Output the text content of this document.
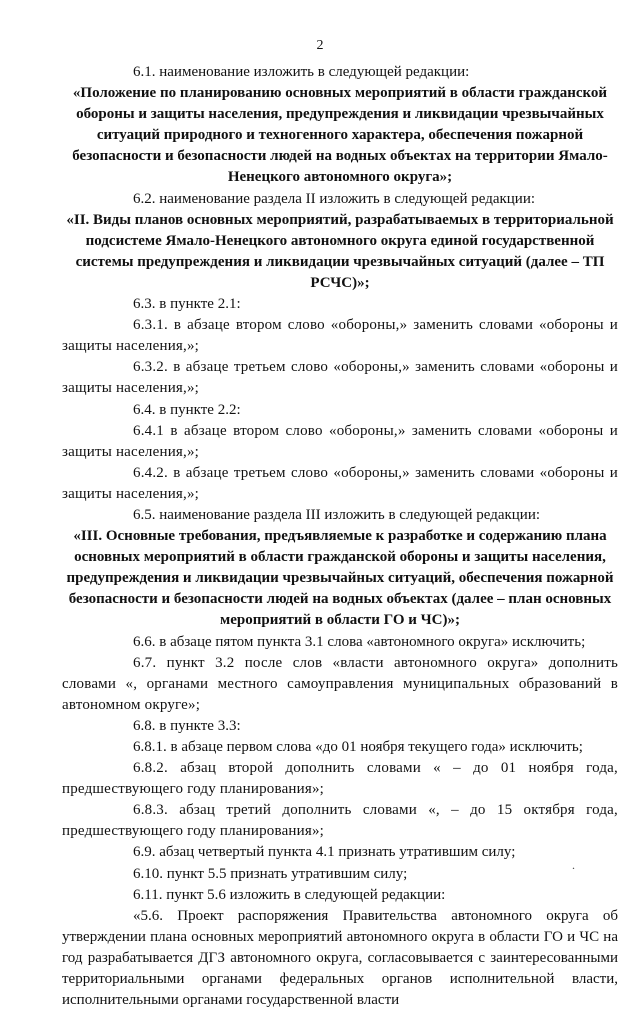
2

6.1. наименование изложить в следующей редакции:

«Положение по планированию основных мероприятий в области гражданской обороны и защиты населения, предупреждения и ликвидации чрезвычайных ситуаций природного и техногенного характера, обеспечения пожарной безопасности и безопасности людей на водных объектах на территории Ямало-Ненецкого автономного округа»;

6.2. наименование раздела II изложить в следующей редакции:

«II. Виды планов основных мероприятий, разрабатываемых в территориальной подсистеме Ямало-Ненецкого автономного округа единой государственной системы предупреждения и ликвидации чрезвычайных ситуаций (далее – ТП РСЧС)»;

6.3. в пункте 2.1:

6.3.1. в абзаце втором слово «обороны,» заменить словами «обороны и защиты населения,»;

6.3.2. в абзаце третьем слово «обороны,» заменить словами «обороны и защиты населения,»;

6.4. в пункте 2.2:

6.4.1 в абзаце втором слово «обороны,» заменить словами «обороны и защиты населения,»;

6.4.2. в абзаце третьем слово «обороны,» заменить словами «обороны и защиты населения,»;

6.5. наименование раздела III изложить в следующей редакции:

«III. Основные требования, предъявляемые к разработке и содержанию плана основных мероприятий в области гражданской обороны и защиты населения, предупреждения и ликвидации чрезвычайных ситуаций, обеспечения пожарной безопасности и безопасности людей на водных объектах (далее – план основных мероприятий в области ГО и ЧС)»;

6.6. в абзаце пятом пункта 3.1 слова «автономного округа» исключить;

6.7. пункт 3.2 после слов «власти автономного округа» дополнить словами «, органами местного самоуправления муниципальных образований в автономном округе»;

6.8. в пункте 3.3:

6.8.1. в абзаце первом слова «до 01 ноября текущего года» исключить;

6.8.2. абзац второй дополнить словами « – до 01 ноября года, предшествующего году планирования»;

6.8.3. абзац третий дополнить словами «, – до 15 октября года, предшествующего году планирования»;

6.9. абзац четвертый пункта 4.1 признать утратившим силу;

6.10. пункт 5.5 признать утратившим силу;

6.11. пункт 5.6 изложить в следующей редакции:

«5.6. Проект распоряжения Правительства автономного округа об утверждении плана основных мероприятий автономного округа в области ГО и ЧС на год разрабатывается ДГЗ автономного округа, согласовывается с заинтересованными территориальными органами федеральных органов исполнительной власти, исполнительными органами государственной власти

.
